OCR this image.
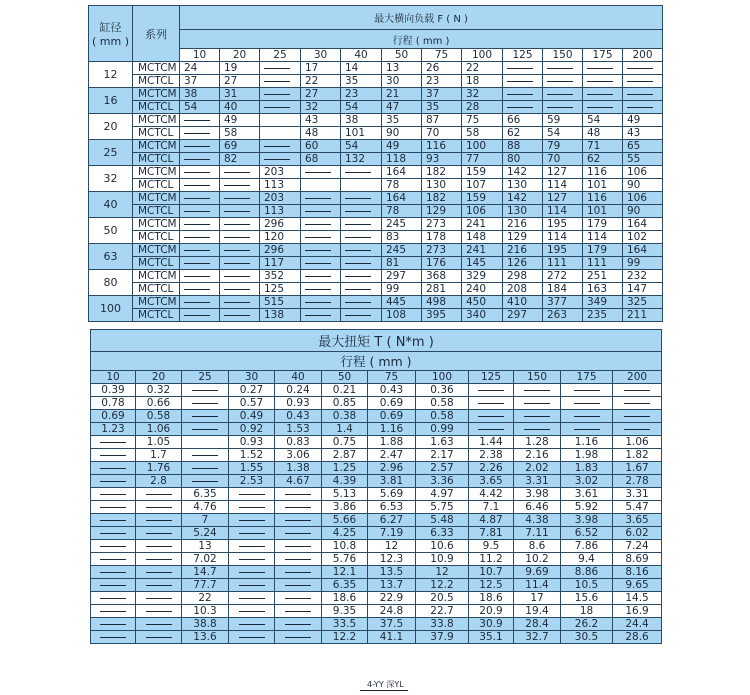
缸径
( mm )	系列	最大横向负载 F ( N )											
		行程 ( mm )											
		10	20	25	30	40	50	75	100	125	150	175	200
12	MCTCM	24	19		17	14	13	26	22				
	MCTCL	37	27		22	35	30	23	18				
16	MCTCM	38	31		27	23	21	37	32				
	MCTCL	54	40		32	54	47	35	28				
20	MCTCM		49		43	38	35	87	75	66	59	54	49
	MCTCL		58		48	101	90	70	58	62	54	48	43
25	MCTCM		69		60	54	49	116	100	88	79	71	65
	MCTCL		82		68	132	118	93	77	80	70	62	55
32	MCTCM			203			164	182	159	142	127	116	106
	MCTCL			113			78	130	107	130	114	101	90
40	MCTCM			203			164	182	159	142	127	116	106
	MCTCL			113			78	129	106	130	114	101	90
50	MCTCM			296			245	273	241	216	195	179	164
	MCTCL			120			83	178	148	129	114	114	102
63	MCTCM			296			245	273	241	216	195	179	164
	MCTCL			117			81	176	145	126	111	111	99
80	MCTCM			352			297	368	329	298	272	251	232
	MCTCL			125			99	281	240	208	184	163	147
100	MCTCM			515			445	498	450	410	377	349	325
	MCTCL			138			108	395	340	297	263	235	211
最大扭矩 T ( N*m )											
行程 ( mm )											
10	20	25	30	40	50	75	100	125	150	175	200
0.39	0.32		0.27	0.24	0.21	0.43	0.36				
0.78	0.66		0.57	0.93	0.85	0.69	0.58				
0.69	0.58		0.49	0.43	0.38	0.69	0.58				
1.23	1.06		0.92	1.53	1.4	1.16	0.99				
	1.05		0.93	0.83	0.75	1.88	1.63	1.44	1.28	1.16	1.06
	1.7		1.52	3.06	2.87	2.47	2.17	2.38	2.16	1.98	1.82
	1.76		1.55	1.38	1.25	2.96	2.57	2.26	2.02	1.83	1.67
	2.8		2.53	4.67	4.39	3.81	3.36	3.65	3.31	3.02	2.78
		6.35			5.13	5.69	4.97	4.42	3.98	3.61	3.31
		4.76			3.86	6.53	5.75	7.1	6.46	5.92	5.47
		7			5.66	6.27	5.48	4.87	4.38	3.98	3.65
		5.24			4.25	7.19	6.33	7.81	7.11	6.52	6.02
		13			10.8	12	10.6	9.5	8.6	7.86	7.24
		7.02			5.76	12.3	10.9	11.2	10.2	9.4	8.69
		14.7			12.1	13.5	12	10.7	9.69	8.86	8.16
		77.7			6.35	13.7	12.2	12.5	11.4	10.5	9.65
		22			18.6	22.9	20.5	18.6	17	15.6	14.5
		10.3			9.35	24.8	22.7	20.9	19.4	18	16.9
		38.8			33.5	37.5	33.8	30.9	28.4	26.2	24.4
		13.6			12.2	41.1	37.9	35.1	32.7	30.5	28.6
4-YY 深YL
